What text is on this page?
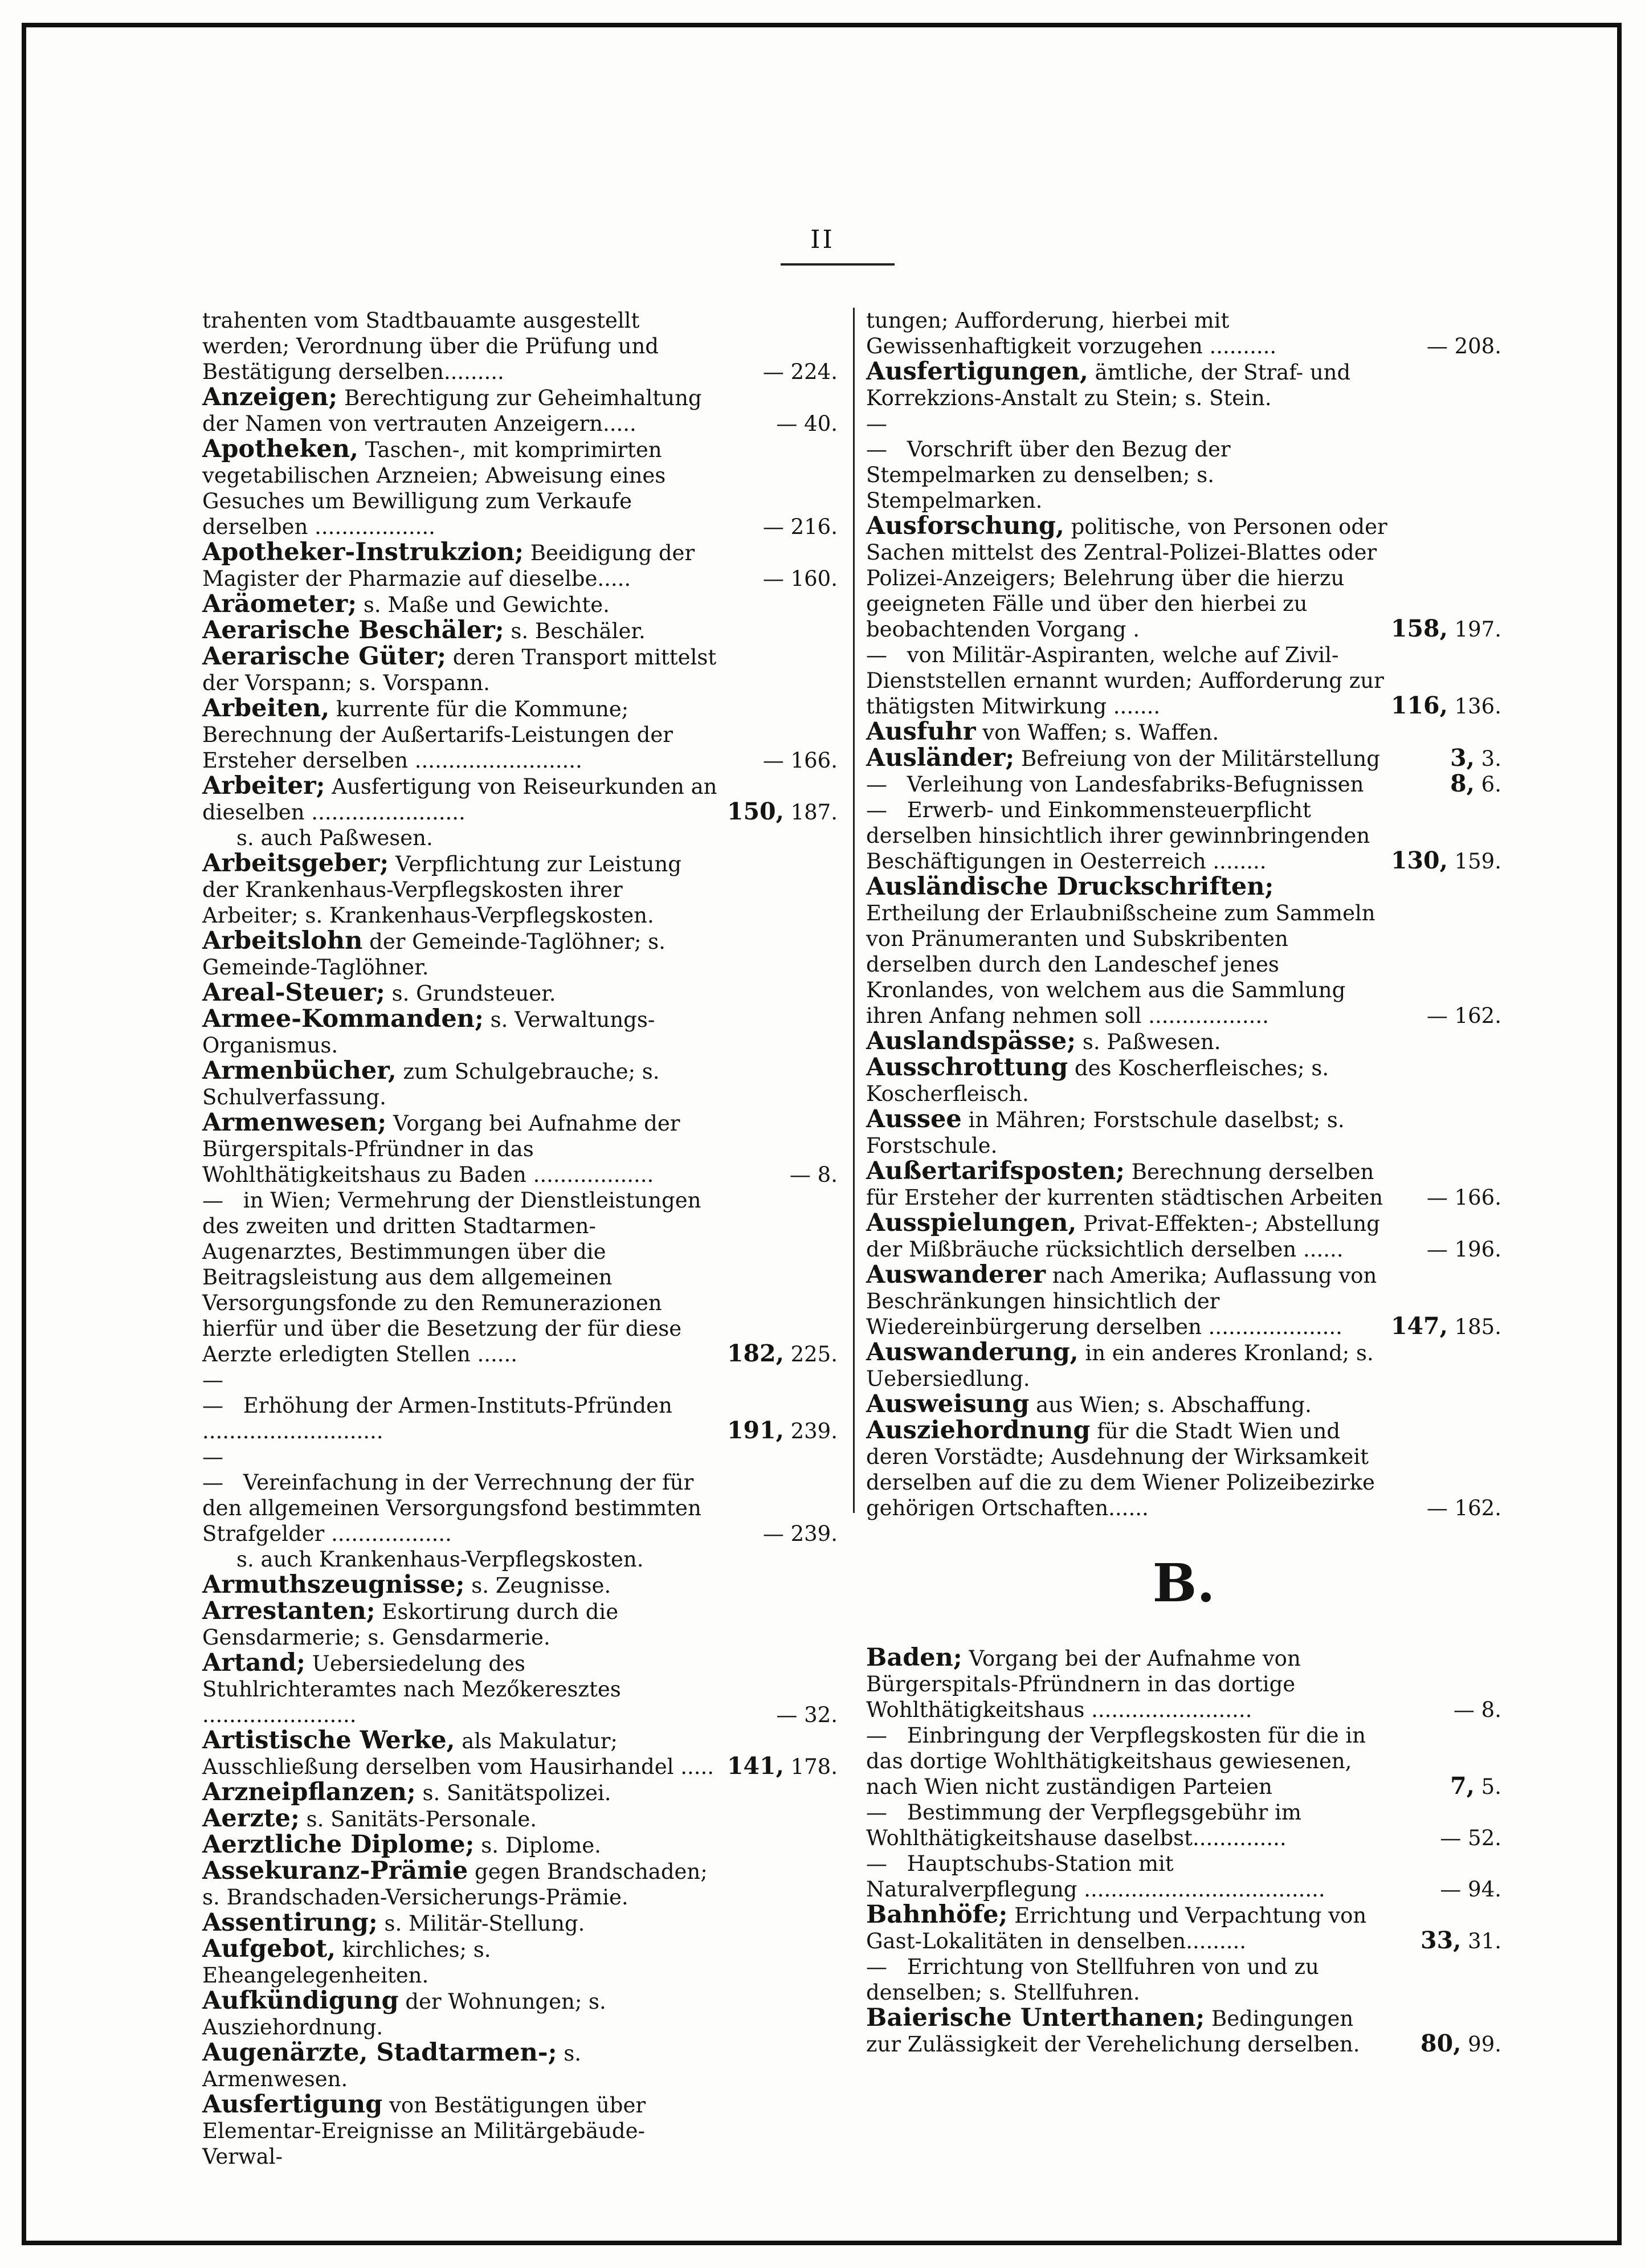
II

trahenten vom Stadtbauamte ausgestellt werden; Verordnung über die Prüfung und Bestätigung derselben.........	— 224.

Anzeigen; Berechtigung zur Geheimhaltung der Namen von vertrauten Anzeigern.....	— 40.

Apotheken, Taschen-, mit komprimirten vegetabilischen Arzneien; Abweisung eines Gesuches um Bewilligung zum Verkaufe derselben ..................	— 216.

Apotheker-Instrukzion; Beeidigung der Magister der Pharmazie auf dieselbe.....	— 160.

Aräometer; s. Maße und Gewichte.

Aerarische Beschäler; s. Beschäler.

Aerarische Güter; deren Transport mittelst der Vorspann; s. Vorspann.

Arbeiten, kurrente für die Kommune; Berechnung der Außertarifs-Leistungen der Ersteher derselben .........................	— 166.

Arbeiter; Ausfertigung von Reiseurkunden an dieselben .......................	150, 187.

s. auch Paßwesen.

Arbeitsgeber; Verpflichtung zur Leistung der Krankenhaus-Verpflegskosten ihrer Arbeiter; s. Krankenhaus-Verpflegskosten.

Arbeitslohn der Gemeinde-Taglöhner; s. Gemeinde-Taglöhner.

Areal-Steuer; s. Grundsteuer.

Armee-Kommanden; s. Verwaltungs-Organismus.

Armenbücher, zum Schulgebrauche; s. Schulverfassung.

Armenwesen; Vorgang bei Aufnahme der Bürgerspitals-Pfründner in das Wohlthätigkeitshaus zu Baden ..................	— 8.

— in Wien; Vermehrung der Dienstleistungen des zweiten und dritten Stadtarmen-Augenarztes, Bestimmungen über die Beitragsleistung aus dem allgemeinen Versorgungsfonde zu den Remunerazionen hierfür und über die Besetzung der für diese Aerzte erledigten Stellen ......	182, 225.

— — Erhöhung der Armen-Instituts-Pfründen ...........................	191, 239.

— — Vereinfachung in der Verrechnung der für den allgemeinen Versorgungsfond bestimmten Strafgelder ..................	— 239.

s. auch Krankenhaus-Verpflegskosten.

Armuthszeugnisse; s. Zeugnisse.

Arrestanten; Eskortirung durch die Gensdarmerie; s. Gensdarmerie.

Artand; Uebersiedelung des Stuhlrichteramtes nach Mezőkeresztes .......................	— 32.

Artistische Werke, als Makulatur; Ausschließung derselben vom Hausirhandel ..... 141, 178.

Arzneipflanzen; s. Sanitätspolizei.

Aerzte; s. Sanitäts-Personale.

Aerztliche Diplome; s. Diplome.

Assekuranz-Prämie gegen Brandschaden; s. Brandschaden-Versicherungs-Prämie.

Assentirung; s. Militär-Stellung.

Aufgebot, kirchliches; s. Eheangelegenheiten.

Aufkündigung der Wohnungen; s. Ausziehordnung.

Augenärzte, Stadtarmen-; s. Armenwesen.

Ausfertigung von Bestätigungen über Elementar-Ereignisse an Militärgebäude-Verwal-

tungen; Aufforderung, hierbei mit Gewissenhaftigkeit vorzugehen ..........	— 208.

Ausfertigungen, ämtliche, der Straf- und Korrekzions-Anstalt zu Stein; s. Stein.

— — Vorschrift über den Bezug der Stempelmarken zu denselben; s. Stempelmarken.

Ausforschung, politische, von Personen oder Sachen mittelst des Zentral-Polizei-Blattes oder Polizei-Anzeigers; Belehrung über die hierzu geeigneten Fälle und über den hierbei zu beobachtenden Vorgang .	158, 197.

— von Militär-Aspiranten, welche auf Zivil-Dienststellen ernannt wurden; Aufforderung zur thätigsten Mitwirkung .......	116, 136.

Ausfuhr von Waffen; s. Waffen.

Ausländer; Befreiung von der Militärstellung	3, 3.

— Verleihung von Landesfabriks-Befugnissen	8, 6.

— Erwerb- und Einkommensteuerpflicht derselben hinsichtlich ihrer gewinnbringenden Beschäftigungen in Oesterreich ........	130, 159.

Ausländische Druckschriften; Ertheilung der Erlaubnißscheine zum Sammeln von Pränumeranten und Subskribenten derselben durch den Landeschef jenes Kronlandes, von welchem aus die Sammlung ihren Anfang nehmen soll ..................	— 162.

Auslandspässe; s. Paßwesen.

Ausschrottung des Koscherfleisches; s. Koscherfleisch.

Aussee in Mähren; Forstschule daselbst; s. Forstschule.

Außertarifsposten; Berechnung derselben für Ersteher der kurrenten städtischen Arbeiten	— 166.

Ausspielungen, Privat-Effekten-; Abstellung der Mißbräuche rücksichtlich derselben ......	— 196.

Auswanderer nach Amerika; Auflassung von Beschränkungen hinsichtlich der Wiedereinbürgerung derselben ....................	147, 185.

Auswanderung, in ein anderes Kronland; s. Uebersiedlung.

Ausweisung aus Wien; s. Abschaffung.

Ausziehordnung für die Stadt Wien und deren Vorstädte; Ausdehnung der Wirksamkeit derselben auf die zu dem Wiener Polizeibezirke gehörigen Ortschaften......	— 162.

B.

Baden; Vorgang bei der Aufnahme von Bürgerspitals-Pfründnern in das dortige Wohlthätigkeitshaus ........................	— 8.

— Einbringung der Verpflegskosten für die in das dortige Wohlthätigkeitshaus gewiesenen, nach Wien nicht zuständigen Parteien	7, 5.

— Bestimmung der Verpflegsgebühr im Wohlthätigkeitshause daselbst..............	— 52.

— Hauptschubs-Station mit Naturalverpflegung ....................................	— 94.

Bahnhöfe; Errichtung und Verpachtung von Gast-Lokalitäten in denselben.........	33, 31.

— Errichtung von Stellfuhren von und zu denselben; s. Stellfuhren.

Baierische Unterthanen; Bedingungen zur Zulässigkeit der Verehelichung derselben.	80, 99.
